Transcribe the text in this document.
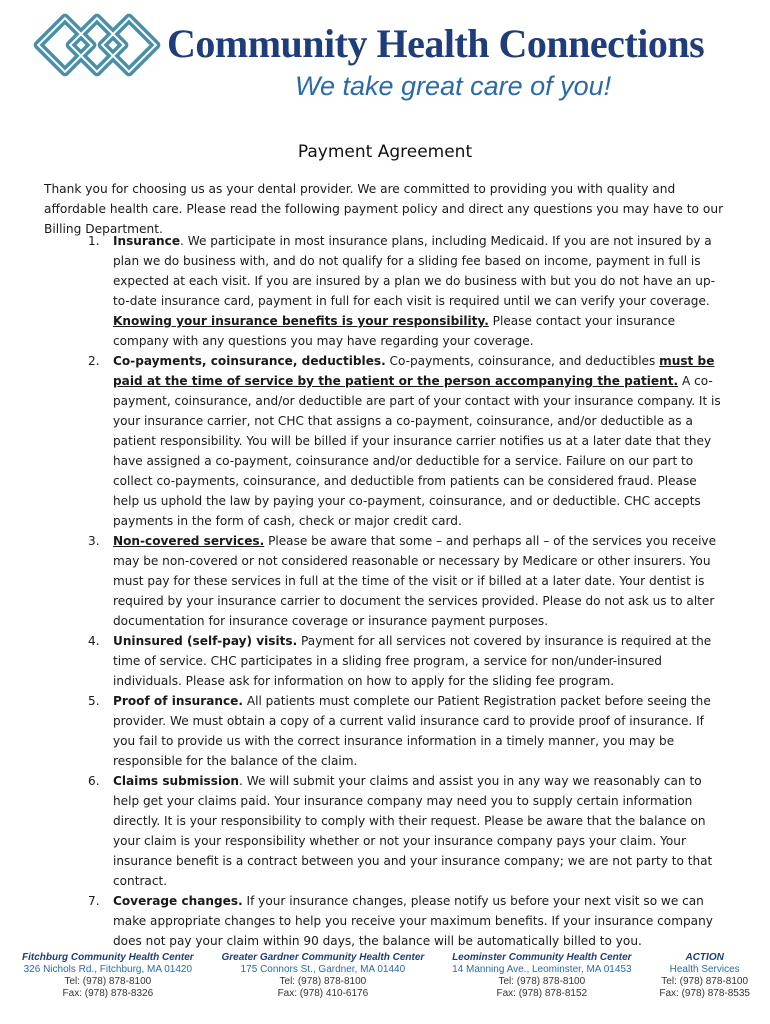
Community Health Connections
We take great care of you!
Payment Agreement

Thank you for choosing us as your dental provider. We are committed to providing you with quality and affordable health care. Please read the following payment policy and direct any questions you may have to our Billing Department.

1. Insurance. We participate in most insurance plans, including Medicaid. If you are not insured by a plan we do business with, and do not qualify for a sliding fee based on income, payment in full is expected at each visit. If you are insured by a plan we do business with but you do not have an up-to-date insurance card, payment in full for each visit is required until we can verify your coverage. Knowing your insurance benefits is your responsibility. Please contact your insurance company with any questions you may have regarding your coverage.
2. Co-payments, coinsurance, deductibles. Co-payments, coinsurance, and deductibles must be paid at the time of service by the patient or the person accompanying the patient. A co-payment, coinsurance, and/or deductible are part of your contact with your insurance company. It is your insurance carrier, not CHC that assigns a co-payment, coinsurance, and/or deductible as a patient responsibility. You will be billed if your insurance carrier notifies us at a later date that they have assigned a co-payment, coinsurance and/or deductible for a service. Failure on our part to collect co-payments, coinsurance, and deductible from patients can be considered fraud. Please help us uphold the law by paying your co-payment, coinsurance, and or deductible. CHC accepts payments in the form of cash, check or major credit card.
3. Non-covered services. Please be aware that some – and perhaps all – of the services you receive may be non-covered or not considered reasonable or necessary by Medicare or other insurers. You must pay for these services in full at the time of the visit or if billed at a later date. Your dentist is required by your insurance carrier to document the services provided. Please do not ask us to alter documentation for insurance coverage or insurance payment purposes.
4. Uninsured (self-pay) visits. Payment for all services not covered by insurance is required at the time of service. CHC participates in a sliding free program, a service for non/under-insured individuals. Please ask for information on how to apply for the sliding fee program.
5. Proof of insurance. All patients must complete our Patient Registration packet before seeing the provider. We must obtain a copy of a current valid insurance card to provide proof of insurance. If you fail to provide us with the correct insurance information in a timely manner, you may be responsible for the balance of the claim.
6. Claims submission. We will submit your claims and assist you in any way we reasonably can to help get your claims paid. Your insurance company may need you to supply certain information directly. It is your responsibility to comply with their request. Please be aware that the balance on your claim is your responsibility whether or not your insurance company pays your claim. Your insurance benefit is a contract between you and your insurance company; we are not party to that contract.
7. Coverage changes. If your insurance changes, please notify us before your next visit so we can make appropriate changes to help you receive your maximum benefits. If your insurance company does not pay your claim within 90 days, the balance will be automatically billed to you.
Fitchburg Community Health Center
326 Nichols Rd., Fitchburg, MA 01420
Tel: (978) 878-8100
Fax: (978) 878-8326
Greater Gardner Community Health Center
175 Connors St., Gardner, MA 01440
Tel: (978) 878-8100
Fax: (978) 410-6176
Leominster Community Health Center
14 Manning Ave., Leominster, MA 01453
Tel: (978) 878-8100
Fax: (978) 878-8152
ACTION
Health Services
Tel: (978) 878-8100
Fax: (978) 878-8535
